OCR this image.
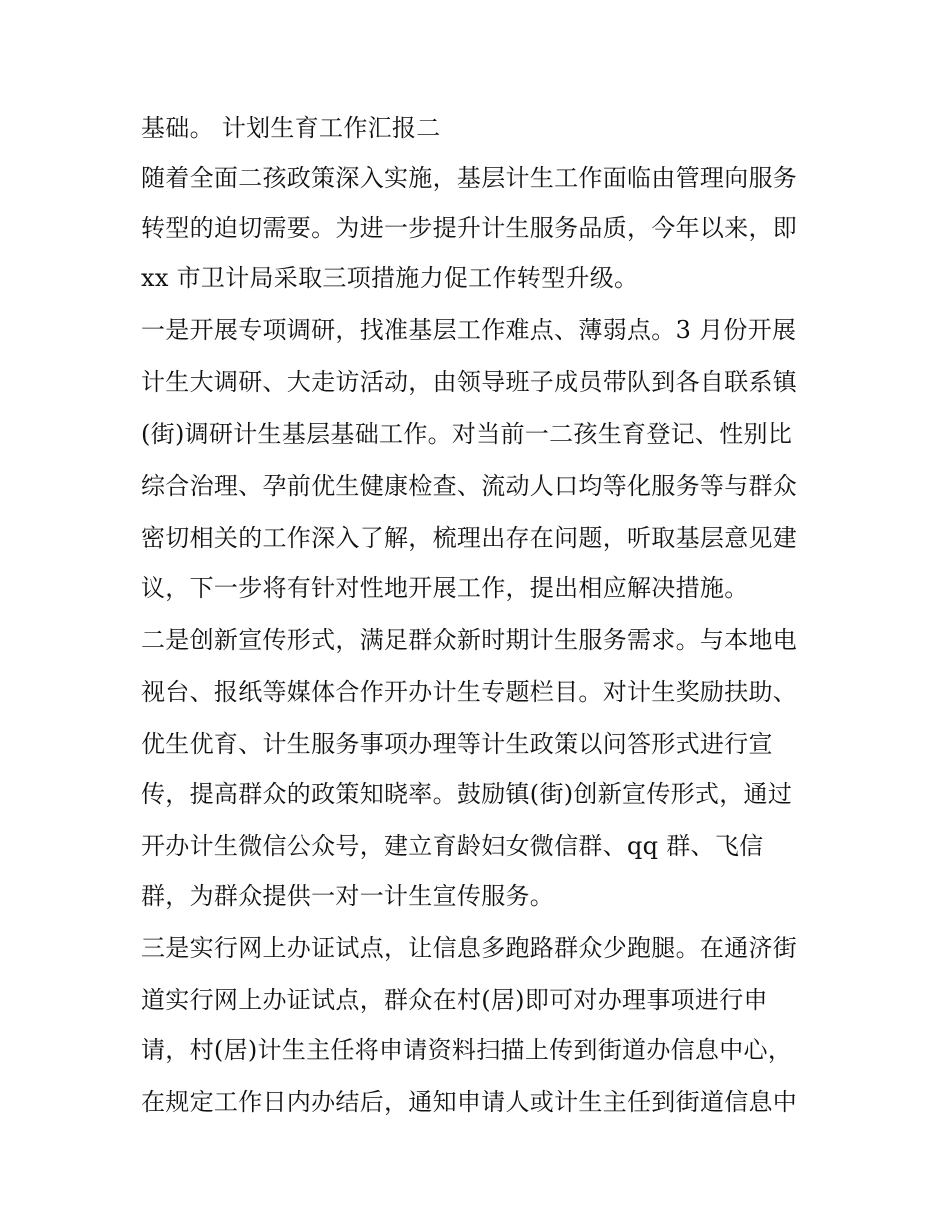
基础。 计划生育工作汇报二
随着全面二孩政策深入实施，基层计生工作面临由管理向服务
转型的迫切需要。为进一步提升计生服务品质，今年以来，即
xx 市卫计局采取三项措施力促工作转型升级。
一是开展专项调研，找准基层工作难点、薄弱点。3 月份开展
计生大调研、大走访活动，由领导班子成员带队到各自联系镇
(街)调研计生基层基础工作。对当前一二孩生育登记、性别比
综合治理、孕前优生健康检查、流动人口均等化服务等与群众
密切相关的工作深入了解，梳理出存在问题，听取基层意见建
议，下一步将有针对性地开展工作，提出相应解决措施。
二是创新宣传形式，满足群众新时期计生服务需求。与本地电
视台、报纸等媒体合作开办计生专题栏目。对计生奖励扶助、
优生优育、计生服务事项办理等计生政策以问答形式进行宣
传，提高群众的政策知晓率。鼓励镇(街)创新宣传形式，通过
开办计生微信公众号，建立育龄妇女微信群、qq 群、飞信
群，为群众提供一对一计生宣传服务。
三是实行网上办证试点，让信息多跑路群众少跑腿。在通济街
道实行网上办证试点，群众在村(居)即可对办理事项进行申
请，村(居)计生主任将申请资料扫描上传到街道办信息中心，
在规定工作日内办结后，通知申请人或计生主任到街道信息中
